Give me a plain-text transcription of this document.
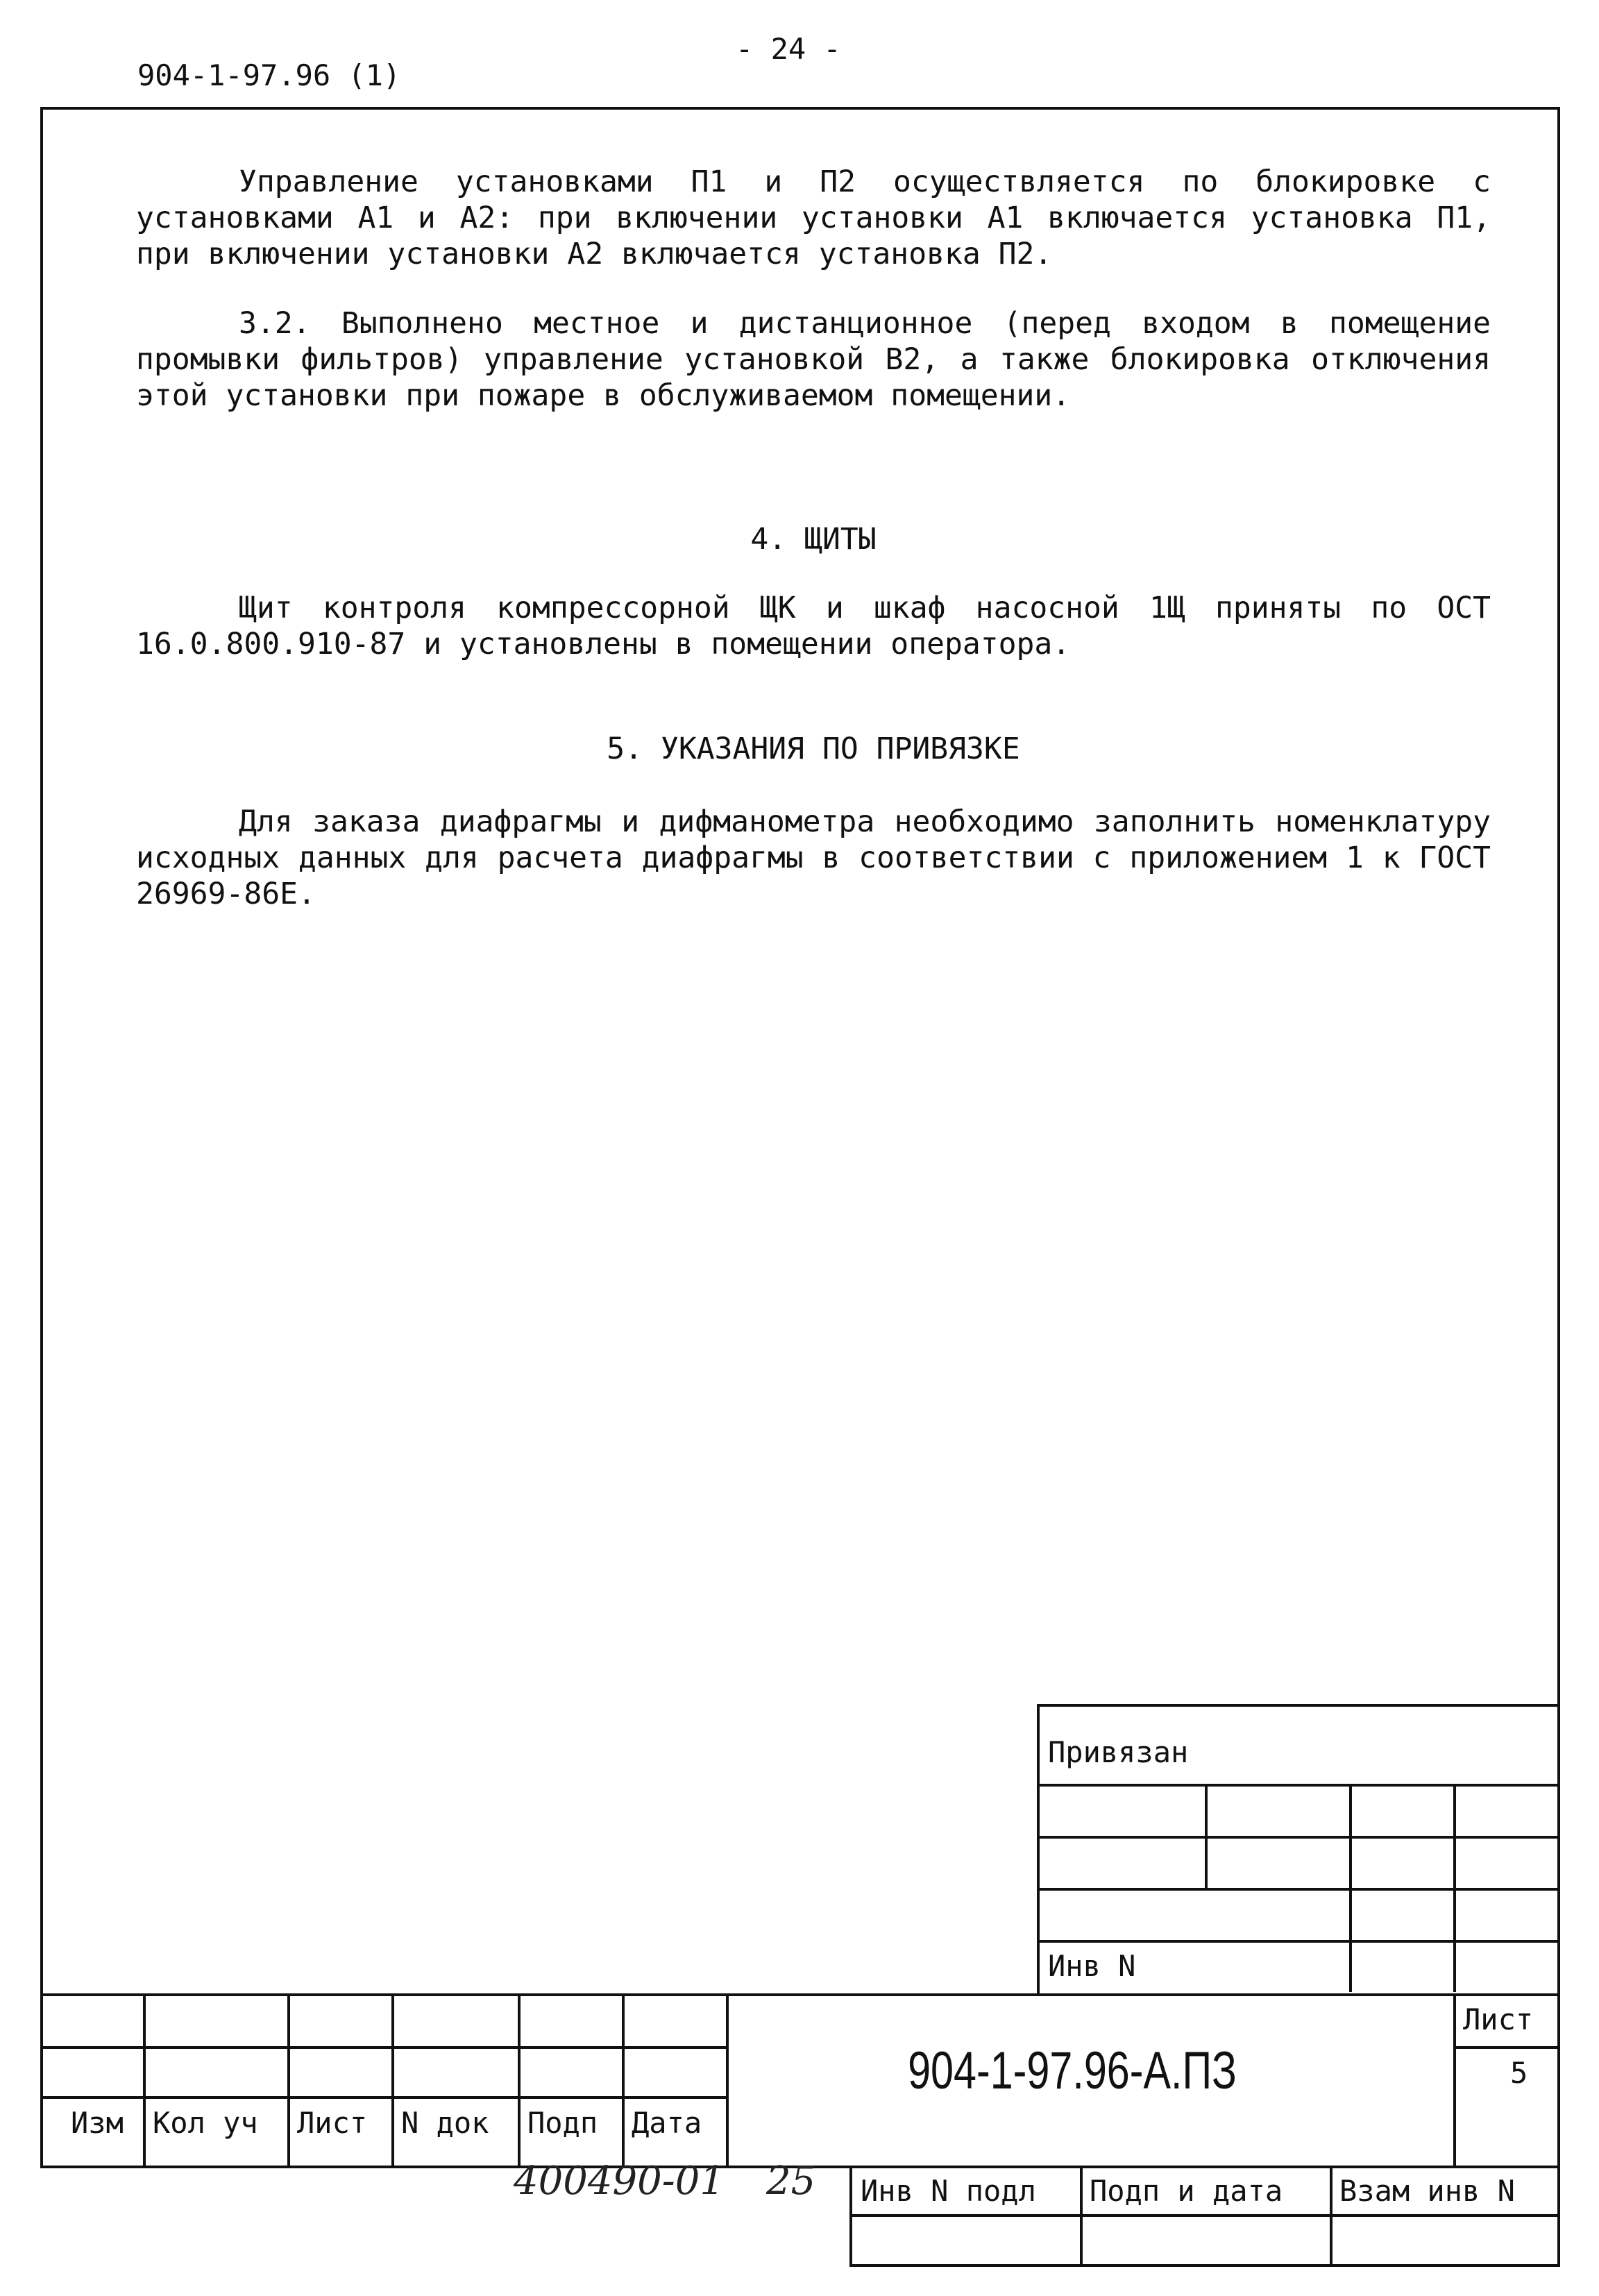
904-1-97.96 (1)
- 24 -
Управление установками П1 и П2 осуществляется по блокировке с установками А1 и А2: при включении установки А1 включается установка П1, при включении установки А2 включается установка П2.
3.2. Выполнено местное и дистанционное (перед входом в помещение промывки фильтров) управление установкой В2, а также блокировка отключения этой установки при пожаре в обслуживаемом помещении.
4. ЩИТЫ
Щит контроля компрессорной ЩК и шкаф насосной 1Щ приняты по ОСТ 16.0.800.910-87 и установлены в помещении оператора.
5. УКАЗАНИЯ ПО ПРИВЯЗКЕ
Для заказа диафрагмы и дифманометра необходимо заполнить номенклатуру исходных данных для расчета диафрагмы в соответствии с приложением 1 к ГОСТ 26969-86Е.
Привязан
Инв N
Изм Кол уч Лист N док Подп Дата
904-1-97.96-А.ПЗ
Лист
5
400490-01 25 Инв N подл Подп и дата Взам инв N
